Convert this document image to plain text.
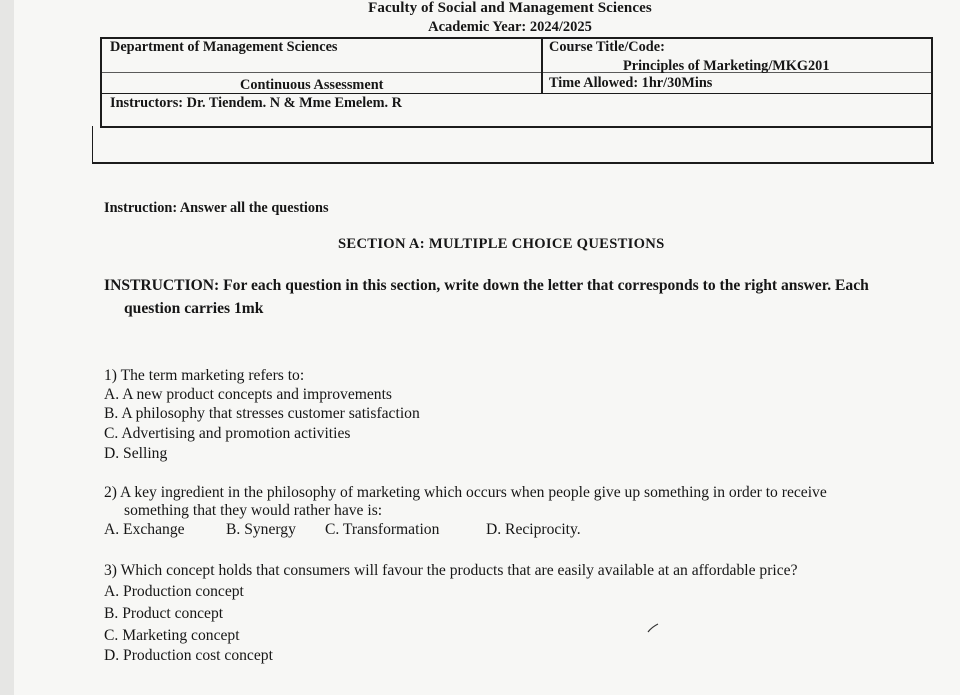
Faculty of Social and Management Sciences
Academic Year: 2024/2025
Department of Management Sciences	Course Title/Code:
Principles of Marketing/MKG201
Continuous Assessment	Time Allowed: 1hr/30Mins
Instructors: Dr. Tiendem. N & Mme Emelem. R
Instruction: Answer all the questions
SECTION A: MULTIPLE CHOICE QUESTIONS
INSTRUCTION: For each question in this section, write down the letter that corresponds to the right answer. Each
question carries 1mk
1) The term marketing refers to:
A. A new product concepts and improvements
B. A philosophy that stresses customer satisfaction
C. Advertising and promotion activities
D. Selling
2) A key ingredient in the philosophy of marketing which occurs when people give up something in order to receive
something that they would rather have is:
A. Exchange	B. Synergy C. Transformation	D. Reciprocity.
3) Which concept holds that consumers will favour the products that are easily available at an affordable price?
A. Production concept
B. Product concept
C. Marketing concept
D. Production cost concept
